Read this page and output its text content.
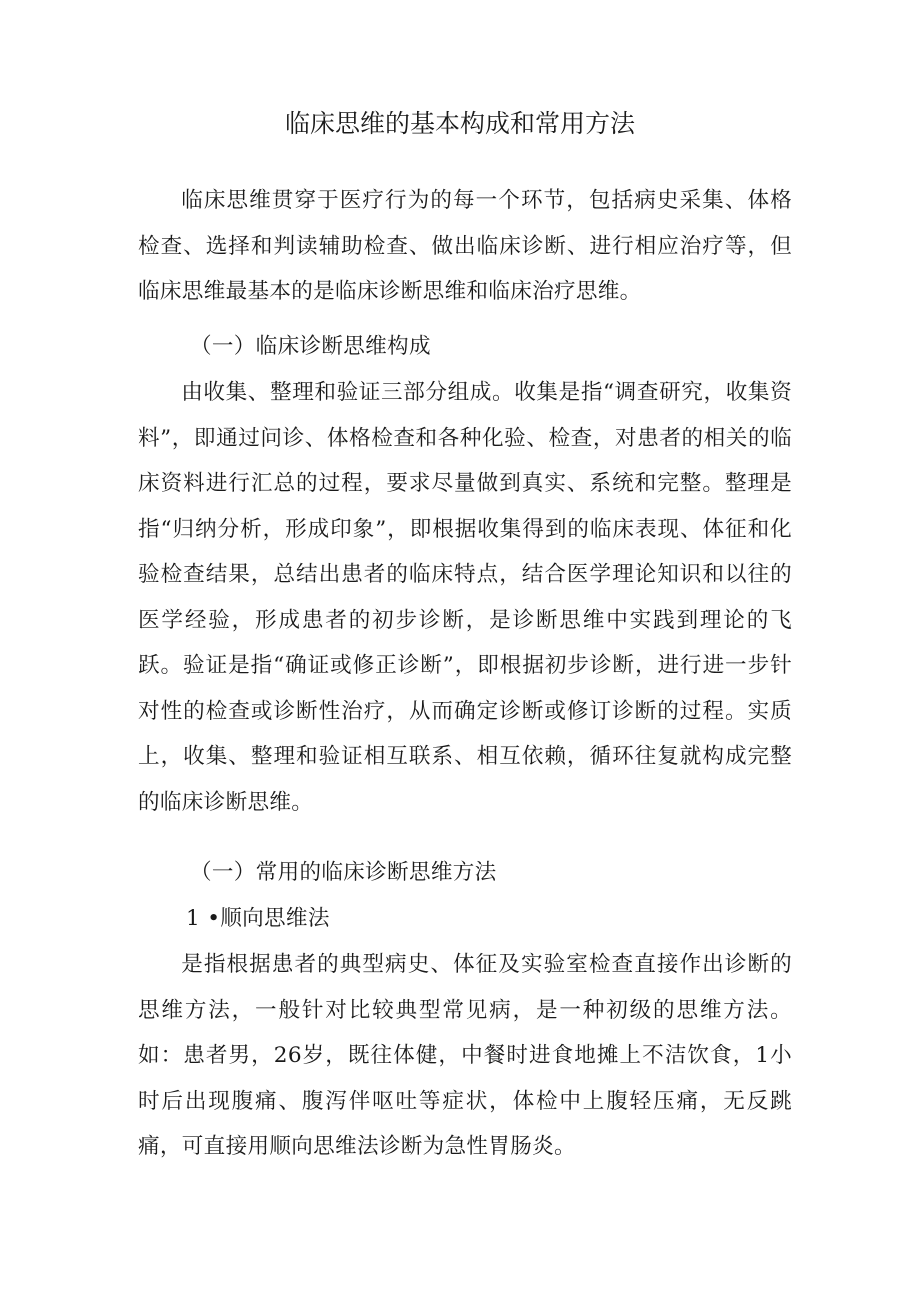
临床思维的基本构成和常用方法

临床思维贯穿于医疗行为的每一个环节，包括病史采集、体格检查、选择和判读辅助检查、做出临床诊断、进行相应治疗等，但临床思维最基本的是临床诊断思维和临床治疗思维。

（一）临床诊断思维构成

由收集、整理和验证三部分组成。收集是指“调查研究，收集资料”，即通过问诊、体格检查和各种化验、检查，对患者的相关的临床资料进行汇总的过程，要求尽量做到真实、系统和完整。整理是指“归纳分析，形成印象”，即根据收集得到的临床表现、体征和化验检查结果，总结出患者的临床特点，结合医学理论知识和以往的医学经验，形成患者的初步诊断，是诊断思维中实践到理论的飞跃。验证是指“确证或修正诊断”，即根据初步诊断，进行进一步针对性的检查或诊断性治疗，从而确定诊断或修订诊断的过程。实质上，收集、整理和验证相互联系、相互依赖，循环往复就构成完整的临床诊断思维。

（一）常用的临床诊断思维方法

1 •顺向思维法

是指根据患者的典型病史、体征及实验室检查直接作出诊断的思维方法，一般针对比较典型常见病，是一种初级的思维方法。如：患者男，26岁，既往体健，中餐时进食地摊上不洁饮食，1小时后出现腹痛、腹泻伴呕吐等症状，体检中上腹轻压痛，无反跳痛，可直接用顺向思维法诊断为急性胃肠炎。
